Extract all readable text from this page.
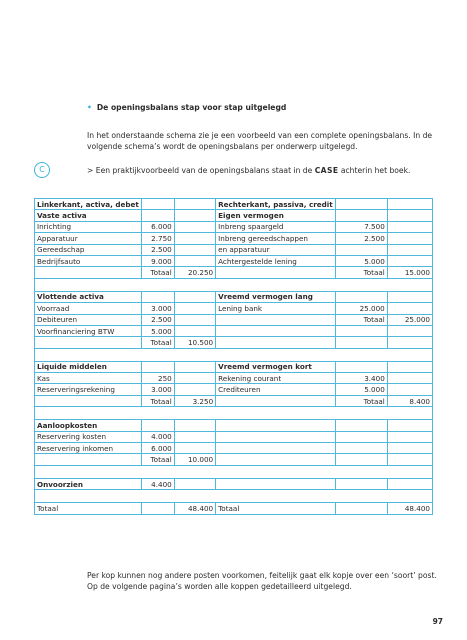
• De openingsbalans stap voor stap uitgelegd

In het onderstaande schema zie je een voorbeeld van een complete openingsbalans. In de volgende schema’s wordt de openingsbalans per onderwerp uitgelegd.

C	> Een praktijkvoorbeeld van de openingsbalans staat in de CASE achterin het boek.
Linkerkant, activa, debet			Rechterkant, passiva, credit		
Vaste activa			Eigen vermogen		
Inrichting	6.000		Inbreng spaargeld	7.500	
Apparatuur	2.750		Inbreng gereedschappen	2.500	
Gereedschap	2.500		en apparatuur		
Bedrijfsauto	9.000		Achtergestelde lening	5.000	
	Totaal	20.250		Totaal	15.000

Vlottende activa			Vreemd vermogen lang		
Voorraad	3.000		Lening bank	25.000	
Debiteuren	2.500			Totaal	25.000
Voorfinanciering BTW	5.000				
	Totaal	10.500			

Liquide middelen			Vreemd vermogen kort		
Kas	250		Rekening courant	3.400	
Reserveringsrekening	3.000		Crediteuren	5.000	
	Totaal	3.250		Totaal	8.400

Aanloopkosten					
Reservering kosten	4.000				
Reservering inkomen	6.000				
	Totaal	10.000			

Onvoorzien	4.400				

Totaal		48.400	Totaal		48.400

Per kop kunnen nog andere posten voorkomen, feitelijk gaat elk kopje over een ‘soort’ post. Op de volgende pagina’s worden alle koppen gedetailleerd uitgelegd.

97
